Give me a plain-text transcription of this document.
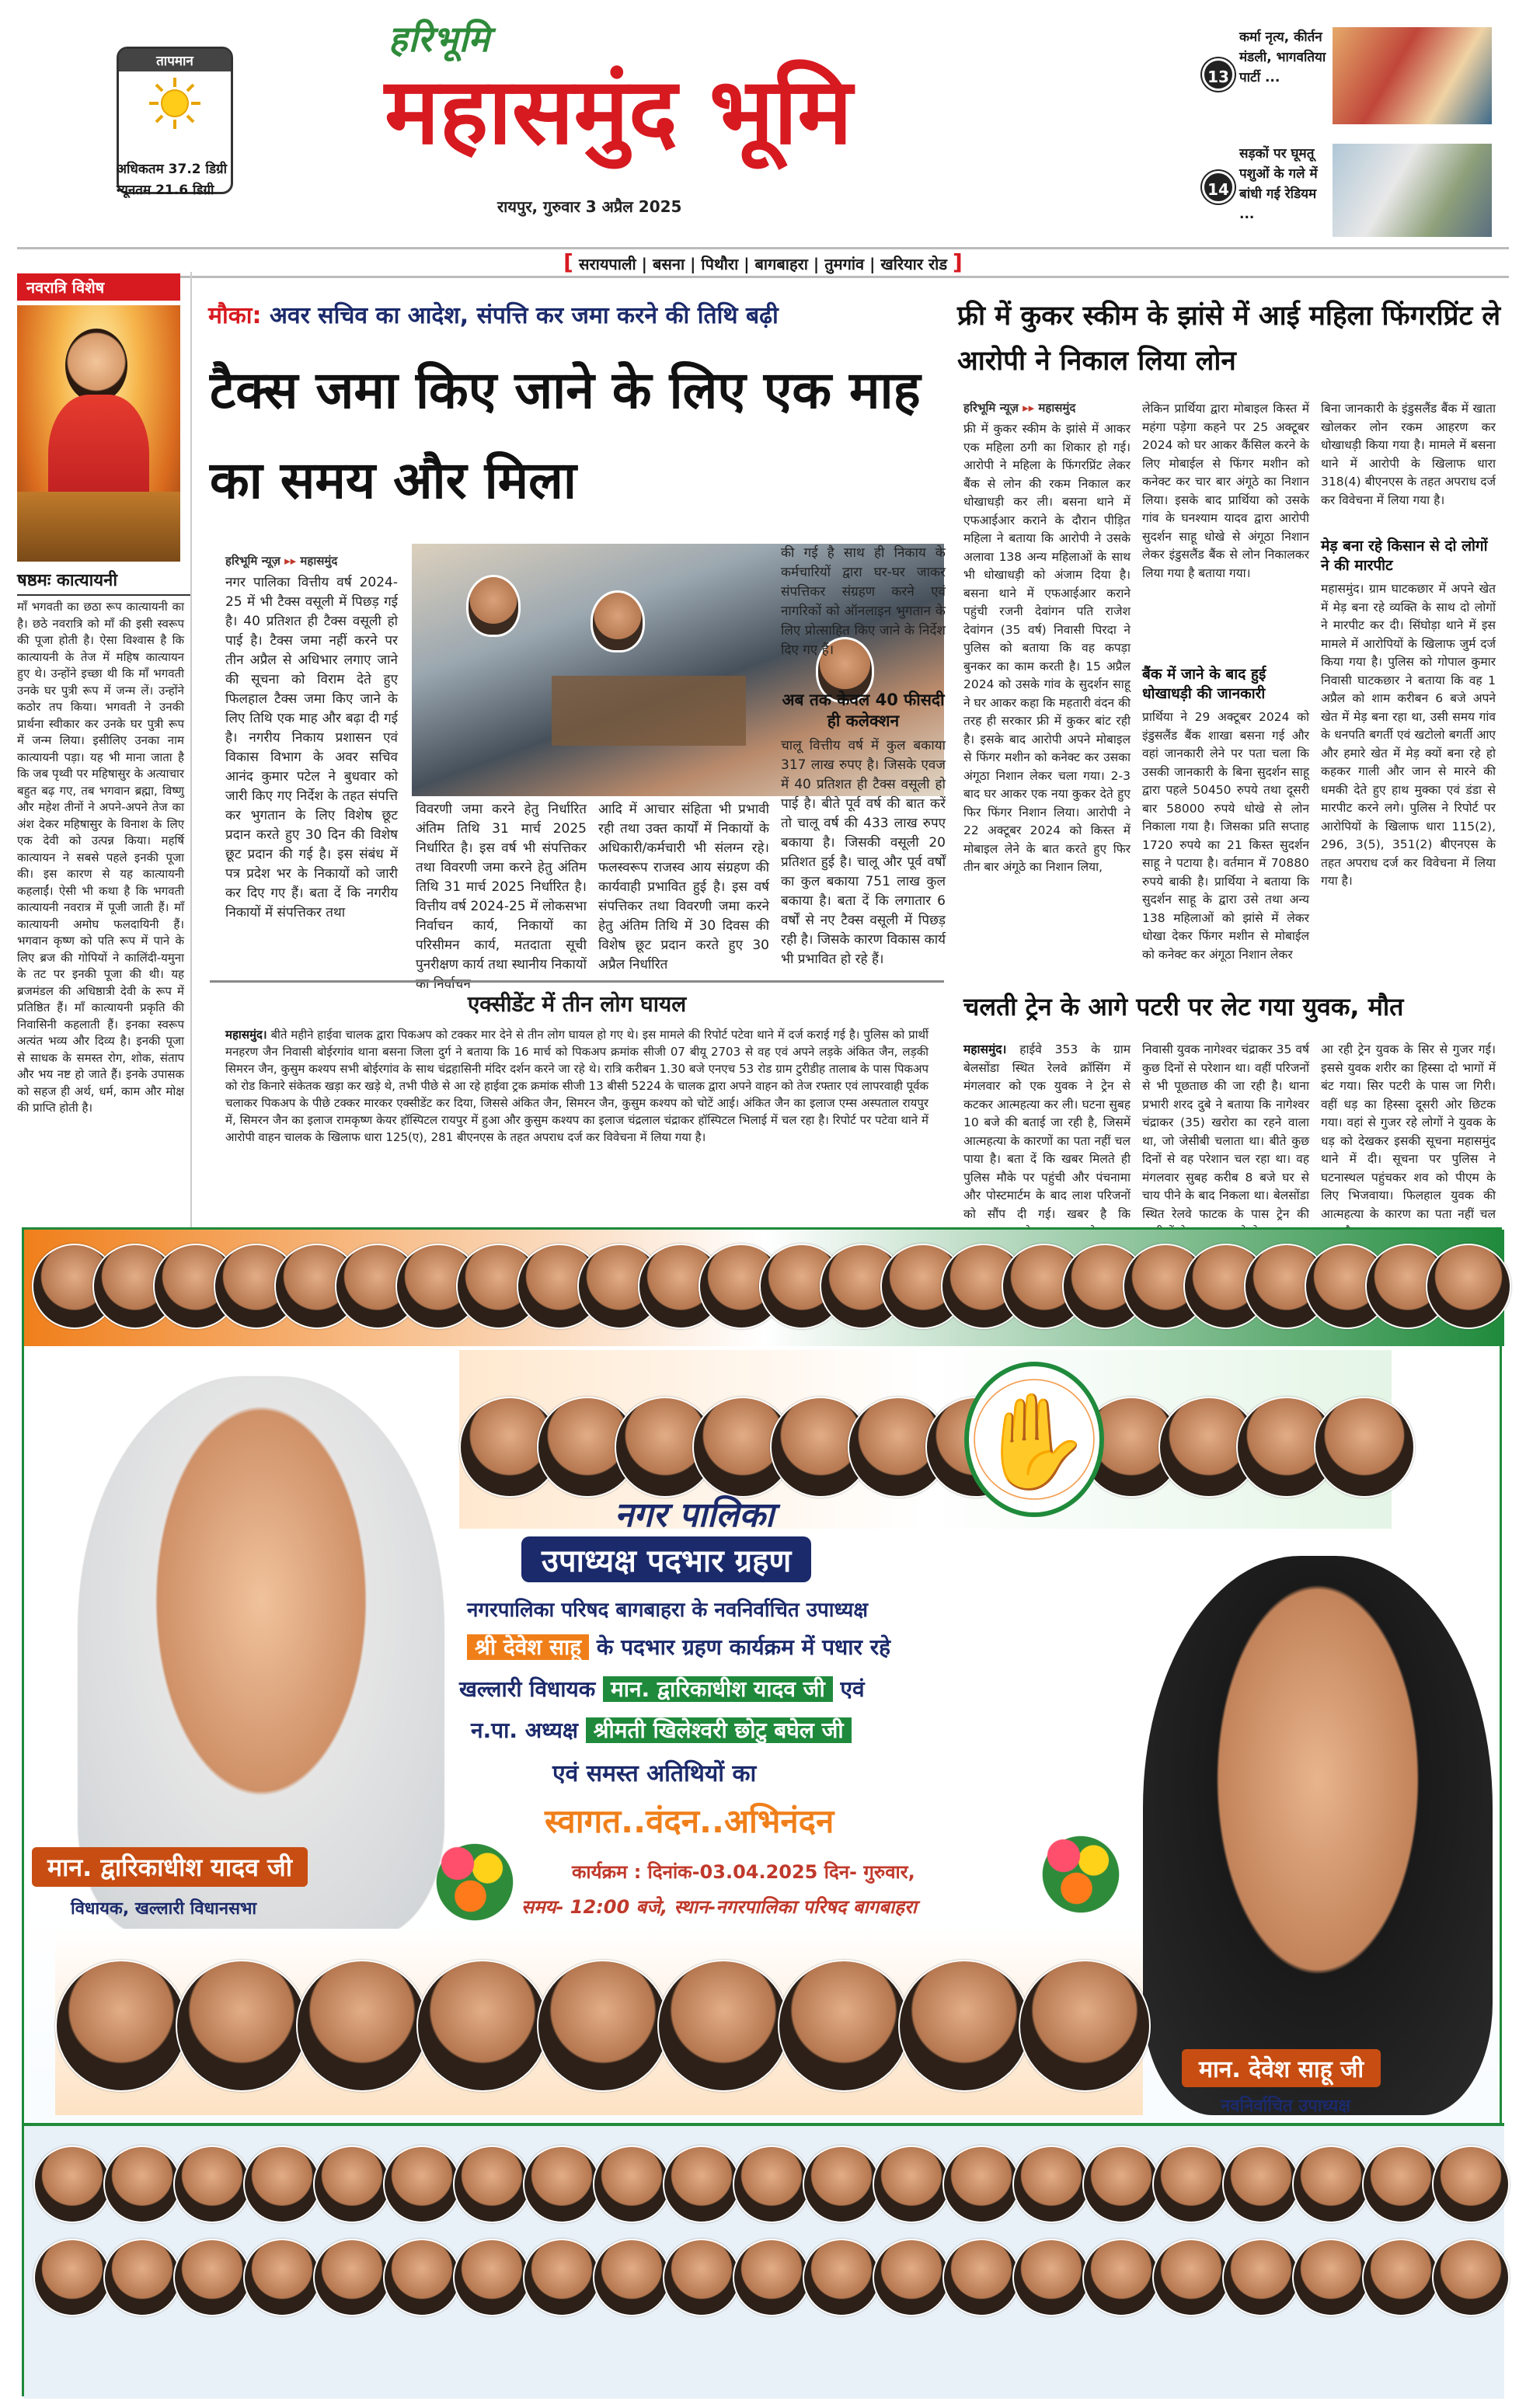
तापमान
अधिकतम 37.2 डिग्री
न्यूनतम 21.6 डिग्री
हरिभूमि
महासमुंद भूमि
रायपुर, गुरुवार 3 अप्रैल 2025
13
कर्मा नृत्य, कीर्तन मंडली, भागवतिया पार्टी ...
14
सड़कों पर घूमतू पशुओं के गले में बांधी गई रेडियम ...
[ सरायपाली | बसना | पिथौरा | बागबाहरा | तुमगांव | खरियार रोड ]
नवरात्रि विशेष
षष्ठमः कात्यायनी
माँ भगवती का छठा रूप कात्यायनी का है। छठे नवरात्रि को माँ की इसी स्वरूप की पूजा होती है। ऐसा विश्वास है कि कात्यायनी के तेज में महिष कात्यायन हुए थे। उन्होंने इच्छा थी कि माँ भगवती उनके घर पुत्री रूप में जन्म लें। उन्होंने कठोर तप किया। भगवती ने उनकी प्रार्थना स्वीकार कर उनके घर पुत्री रूप में जन्म लिया। इसीलिए उनका नाम कात्यायनी पड़ा। यह भी माना जाता है कि जब पृथ्वी पर महिषासुर के अत्याचार बहुत बढ़ गए, तब भगवान ब्रह्मा, विष्णु और महेश तीनों ने अपने-अपने तेज का अंश देकर महिषासुर के विनाश के लिए एक देवी को उत्पन्न किया। महर्षि कात्यायन ने सबसे पहले इनकी पूजा की। इस कारण से यह कात्यायनी कहलाईं। ऐसी भी कथा है कि भगवती कात्यायनी नवरात्र में पूजी जाती हैं। माँ कात्यायनी अमोघ फलदायिनी हैं। भगवान कृष्ण को पति रूप में पाने के लिए ब्रज की गोपियों ने कालिंदी-यमुना के तट पर इनकी पूजा की थी। यह ब्रजमंडल की अधिष्ठात्री देवी के रूप में प्रतिष्ठित हैं। माँ कात्यायनी प्रकृति की निवासिनी कहलाती हैं। इनका स्वरूप अत्यंत भव्य और दिव्य है। इनकी पूजा से साधक के समस्त रोग, शोक, संताप और भय नष्ट हो जाते हैं। इनके उपासक को सहज ही अर्थ, धर्म, काम और मोक्ष की प्राप्ति होती है।
मौका: अवर सचिव का आदेश, संपत्ति कर जमा करने की तिथि बढ़ी
टैक्स जमा किए जाने के लिए एक माह का समय और मिला
हरिभूमि न्यूज़ ▸▸ महासमुंद
नगर पालिका वित्तीय वर्ष 2024-25 में भी टैक्स वसूली में पिछड़ गई है। 40 प्रतिशत ही टैक्स वसूली हो पाई है। टैक्स जमा नहीं करने पर तीन अप्रैल से अधिभार लगाए जाने की सूचना को विराम देते हुए फिलहाल टैक्स जमा किए जाने के लिए तिथि एक माह और बढ़ा दी गई है। नगरीय निकाय प्रशासन एवं विकास विभाग के अवर सचिव आनंद कुमार पटेल ने बुधवार को जारी किए गए निर्देश के तहत संपत्ति कर भुगतान के लिए विशेष छूट प्रदान करते हुए 30 दिन की विशेष छूट प्रदान की गई है। इस संबंध में पत्र प्रदेश भर के निकायों को जारी कर दिए गए हैं। बता दें कि नगरीय निकायों में संपत्तिकर तथा
विवरणी जमा करने हेतु निर्धारित अंतिम तिथि 31 मार्च 2025 निर्धारित है। इस वर्ष भी संपत्तिकर तथा विवरणी जमा करने हेतु अंतिम तिथि 31 मार्च 2025 निर्धारित है। वित्तीय वर्ष 2024-25 में लोकसभा निर्वाचन कार्य, निकायों का परिसीमन कार्य, मतदाता सूची पुनरीक्षण कार्य तथा स्थानीय निकायों का निर्वाचन
आदि में आचार संहिता भी प्रभावी रही तथा उक्त कार्यों में निकायों के अधिकारी/कर्मचारी भी संलग्न रहे। फलस्वरूप राजस्व आय संग्रहण की कार्यवाही प्रभावित हुई है। इस वर्ष संपत्तिकर तथा विवरणी जमा करने हेतु अंतिम तिथि में 30 दिवस की विशेष छूट प्रदान करते हुए 30 अप्रैल निर्धारित
की गई है साथ ही निकाय के कर्मचारियों द्वारा घर-घर जाकर संपत्तिकर संग्रहण करने एवं नागरिकों को ऑनलाइन भुगतान के लिए प्रोत्साहित किए जाने के निर्देश दिए गए हैं।
अब तक केवल 40 फीसदी ही कलेक्शन
चालू वित्तीय वर्ष में कुल बकाया 317 लाख रुपए है। जिसके एवज में 40 प्रतिशत ही टैक्स वसूली हो पाई है। बीते पूर्व वर्ष की बात करें तो चालू वर्ष की 433 लाख रुपए बकाया है। जिसकी वसूली 20 प्रतिशत हुई है। चालू और पूर्व वर्षों का कुल बकाया 751 लाख कुल बकाया है। बता दें कि लगातार 6 वर्षों से नए टैक्स वसूली में पिछड़ रही है। जिसके कारण विकास कार्य भी प्रभावित हो रहे हैं।
फ्री में कुकर स्कीम के झांसे में आई महिला फिंगरप्रिंट ले आरोपी ने निकाल लिया लोन
हरिभूमि न्यूज़ ▸▸ महासमुंद
फ्री में कुकर स्कीम के झांसे में आकर एक महिला ठगी का शिकार हो गई। आरोपी ने महिला के फिंगरप्रिंट लेकर बैंक से लोन की रकम निकाल कर धोखाधड़ी कर ली। बसना थाने में एफआईआर कराने के दौरान पीड़ित महिला ने बताया कि आरोपी ने उसके अलावा 138 अन्य महिलाओं के साथ भी धोखाधड़ी को अंजाम दिया है। बसना थाने में एफआईआर कराने पहुंची रजनी देवांगन पति राजेश देवांगन (35 वर्ष) निवासी पिरदा ने पुलिस को बताया कि वह कपड़ा बुनकर का काम करती है। 15 अप्रैल 2024 को उसके गांव के सुदर्शन साहू ने घर आकर कहा कि महतारी वंदन की तरह ही सरकार फ्री में कुकर बांट रही है। इसके बाद आरोपी अपने मोबाइल से फिंगर मशीन को कनेक्ट कर उसका अंगूठा निशान लेकर चला गया। 2-3 बाद घर आकर एक नया कुकर देते हुए फिर फिंगर निशान लिया। आरोपी ने 22 अक्टूबर 2024 को किस्त में मोबाइल लेने के बात करते हुए फिर तीन बार अंगूठे का निशान लिया,
लेकिन प्रार्थिया द्वारा मोबाइल किस्त में महंगा पड़ेगा कहने पर 25 अक्टूबर 2024 को घर आकर कैंसिल करने के लिए मोबाईल से फिंगर मशीन को कनेक्ट कर चार बार अंगूठे का निशान लिया। इसके बाद प्रार्थिया को उसके गांव के घनश्याम यादव द्वारा आरोपी सुदर्शन साहू धोखे से अंगूठा निशान लेकर इंडुसलैंड बैंक से लोन निकालकर लिया गया है बताया गया।
बैंक में जाने के बाद हुई धोखाधड़ी की जानकारी
प्रार्थिया ने 29 अक्टूबर 2024 को इंडुसलैंड बैंक शाखा बसना गई और वहां जानकारी लेने पर पता चला कि उसकी जानकारी के बिना सुदर्शन साहू द्वारा पहले 50450 रुपये तथा दूसरी बार 58000 रुपये धोखे से लोन निकाला गया है। जिसका प्रति सप्ताह 1720 रुपये का 21 किस्त सुदर्शन साहू ने पटाया है। वर्तमान में 70880 रुपये बाकी है। प्रार्थिया ने बताया कि सुदर्शन साहू के द्वारा उसे तथा अन्य 138 महिलाओं को झांसे में लेकर धोखा देकर फिंगर मशीन से मोबाईल को कनेक्ट कर अंगूठा निशान लेकर
बिना जानकारी के इंडुसलैंड बैंक में खाता खोलकर लोन रकम आहरण कर धोखाधड़ी किया गया है। मामले में बसना थाने में आरोपी के खिलाफ धारा 318(4) बीएनएस के तहत अपराध दर्ज कर विवेचना में लिया गया है।
मेड़ बना रहे किसान से दो लोगों ने की मारपीट
महासमुंद। ग्राम घाटकछार में अपने खेत में मेड़ बना रहे व्यक्ति के साथ दो लोगों ने मारपीट कर दी। सिंघोड़ा थाने में इस मामले में आरोपियों के खिलाफ जुर्म दर्ज किया गया है। पुलिस को गोपाल कुमार निवासी घाटकछार ने बताया कि वह 1 अप्रैल को शाम करीबन 6 बजे अपने खेत में मेड़ बना रहा था, उसी समय गांव के धनपति बगर्ती एवं खटोलो बगर्ती आए और हमारे खेत में मेड़ क्यों बना रहे हो कहकर गाली और जान से मारने की धमकी देते हुए हाथ मुक्का एवं डंडा से मारपीट करने लगे। पुलिस ने रिपोर्ट पर आरोपियों के खिलाफ धारा 115(2), 296, 3(5), 351(2) बीएनएस के तहत अपराध दर्ज कर विवेचना में लिया गया है।
एक्सीडेंट में तीन लोग घायल
महासमुंद। बीते महीने हाईवा चालक द्वारा पिकअप को टक्कर मार देने से तीन लोग घायल हो गए थे। इस मामले की रिपोर्ट पटेवा थाने में दर्ज कराई गई है। पुलिस को प्रार्थी मनहरण जैन निवासी बोईरगांव थाना बसना जिला दुर्ग ने बताया कि 16 मार्च को पिकअप क्रमांक सीजी 07 बीयू 2703 से वह एवं अपने लड़के अंकित जैन, लड़की सिमरन जैन, कुसुम कश्यप सभी बोईरगांव के साथ चंद्रहासिनी मंदिर दर्शन करने जा रहे थे। रात्रि करीबन 1.30 बजे एनएच 53 रोड ग्राम टुरीडीह तालाब के पास पिकअप को रोड किनारे संकेतक खड़ा कर खड़े थे, तभी पीछे से आ रहे हाईवा ट्रक क्रमांक सीजी 13 बीसी 5224 के चालक द्वारा अपने वाहन को तेज रफ्तार एवं लापरवाही पूर्वक चलाकर पिकअप के पीछे टक्कर मारकर एक्सीडेंट कर दिया, जिससे अंकित जैन, सिमरन जैन, कुसुम कश्यप को चोटें आई। अंकित जैन का इलाज एम्स अस्पताल रायपुर में, सिमरन जैन का इलाज रामकृष्ण केयर हॉस्पिटल रायपुर में हुआ और कुसुम कश्यप का इलाज चंद्रलाल चंद्राकर हॉस्पिटल भिलाई में चल रहा है। रिपोर्ट पर पटेवा थाने में आरोपी वाहन चालक के खिलाफ धारा 125(ए), 281 बीएनएस के तहत अपराध दर्ज कर विवेचना में लिया गया है।
चलती ट्रेन के आगे पटरी पर लेट गया युवक, मौत
महासमुंद। हाईवे 353 के ग्राम बेलसोंडा स्थित रेलवे क्रॉसिंग में मंगलवार को एक युवक ने ट्रेन से कटकर आत्महत्या कर ली। घटना सुबह 10 बजे की बताई जा रही है, जिसमें आत्महत्या के कारणों का पता नहीं चल पाया है। बता दें कि खबर मिलते ही पुलिस मौके पर पहुंची और पंचनामा और पोस्टमार्टम के बाद लाश परिजनों को सौंप दी गई। खबर है कि
निवासी युवक नागेश्वर चंद्राकर 35 वर्ष कुछ दिनों से परेशान था। वहीं परिजनों से भी पूछताछ की जा रही है। थाना प्रभारी शरद दुबे ने बताया कि नागेश्वर चंद्राकर (35) खरोरा का रहने वाला था, जो जेसीबी चलाता था। बीते कुछ दिनों से वह परेशान चल रहा था। वह मंगलवार सुबह करीब 8 बजे घर से चाय पीने के बाद निकला था। बेलसोंडा स्थित रेलवे फाटक के पास ट्रेन की
आ रही ट्रेन युवक के सिर से गुजर गई। इससे युवक शरीर का हिस्सा दो भागों में बंट गया। सिर पटरी के पास जा गिरी। वहीं धड़ का हिस्सा दूसरी ओर छिटक गया। वहां से गुजर रहे लोगों ने युवक के धड़ को देखकर इसकी सूचना महासमुंद थाने में दी। सूचना पर पुलिस ने घटनास्थल पहुंचकर शव को पीएम के लिए भिजवाया। फिलहाल युवक की आत्महत्या के कारण का पता नहीं चल
मान. द्वारिकाधीश यादव जी
विधायक, खल्लारी विधानसभा
✋
नगर पालिका
उपाध्यक्ष पदभार ग्रहण
नगरपालिका परिषद बागबाहरा के नवनिर्वाचित उपाध्यक्ष
श्री देवेश साहू के पदभार ग्रहण कार्यक्रम में पधार रहे
खल्लारी विधायक मान. द्वारिकाधीश यादव जी एवं
न.पा. अध्यक्ष श्रीमती खिलेश्वरी छोटु बघेल जी
एवं समस्त अतिथियों का
स्वागत..वंदन..अभिनंदन
कार्यक्रम : दिनांक-03.04.2025 दिन- गुरुवार,
समय- 12:00 बजे, स्थान-नगरपालिका परिषद बागबाहरा
मान. देवेश साहू जी
नवनिर्वाचित उपाध्यक्ष
